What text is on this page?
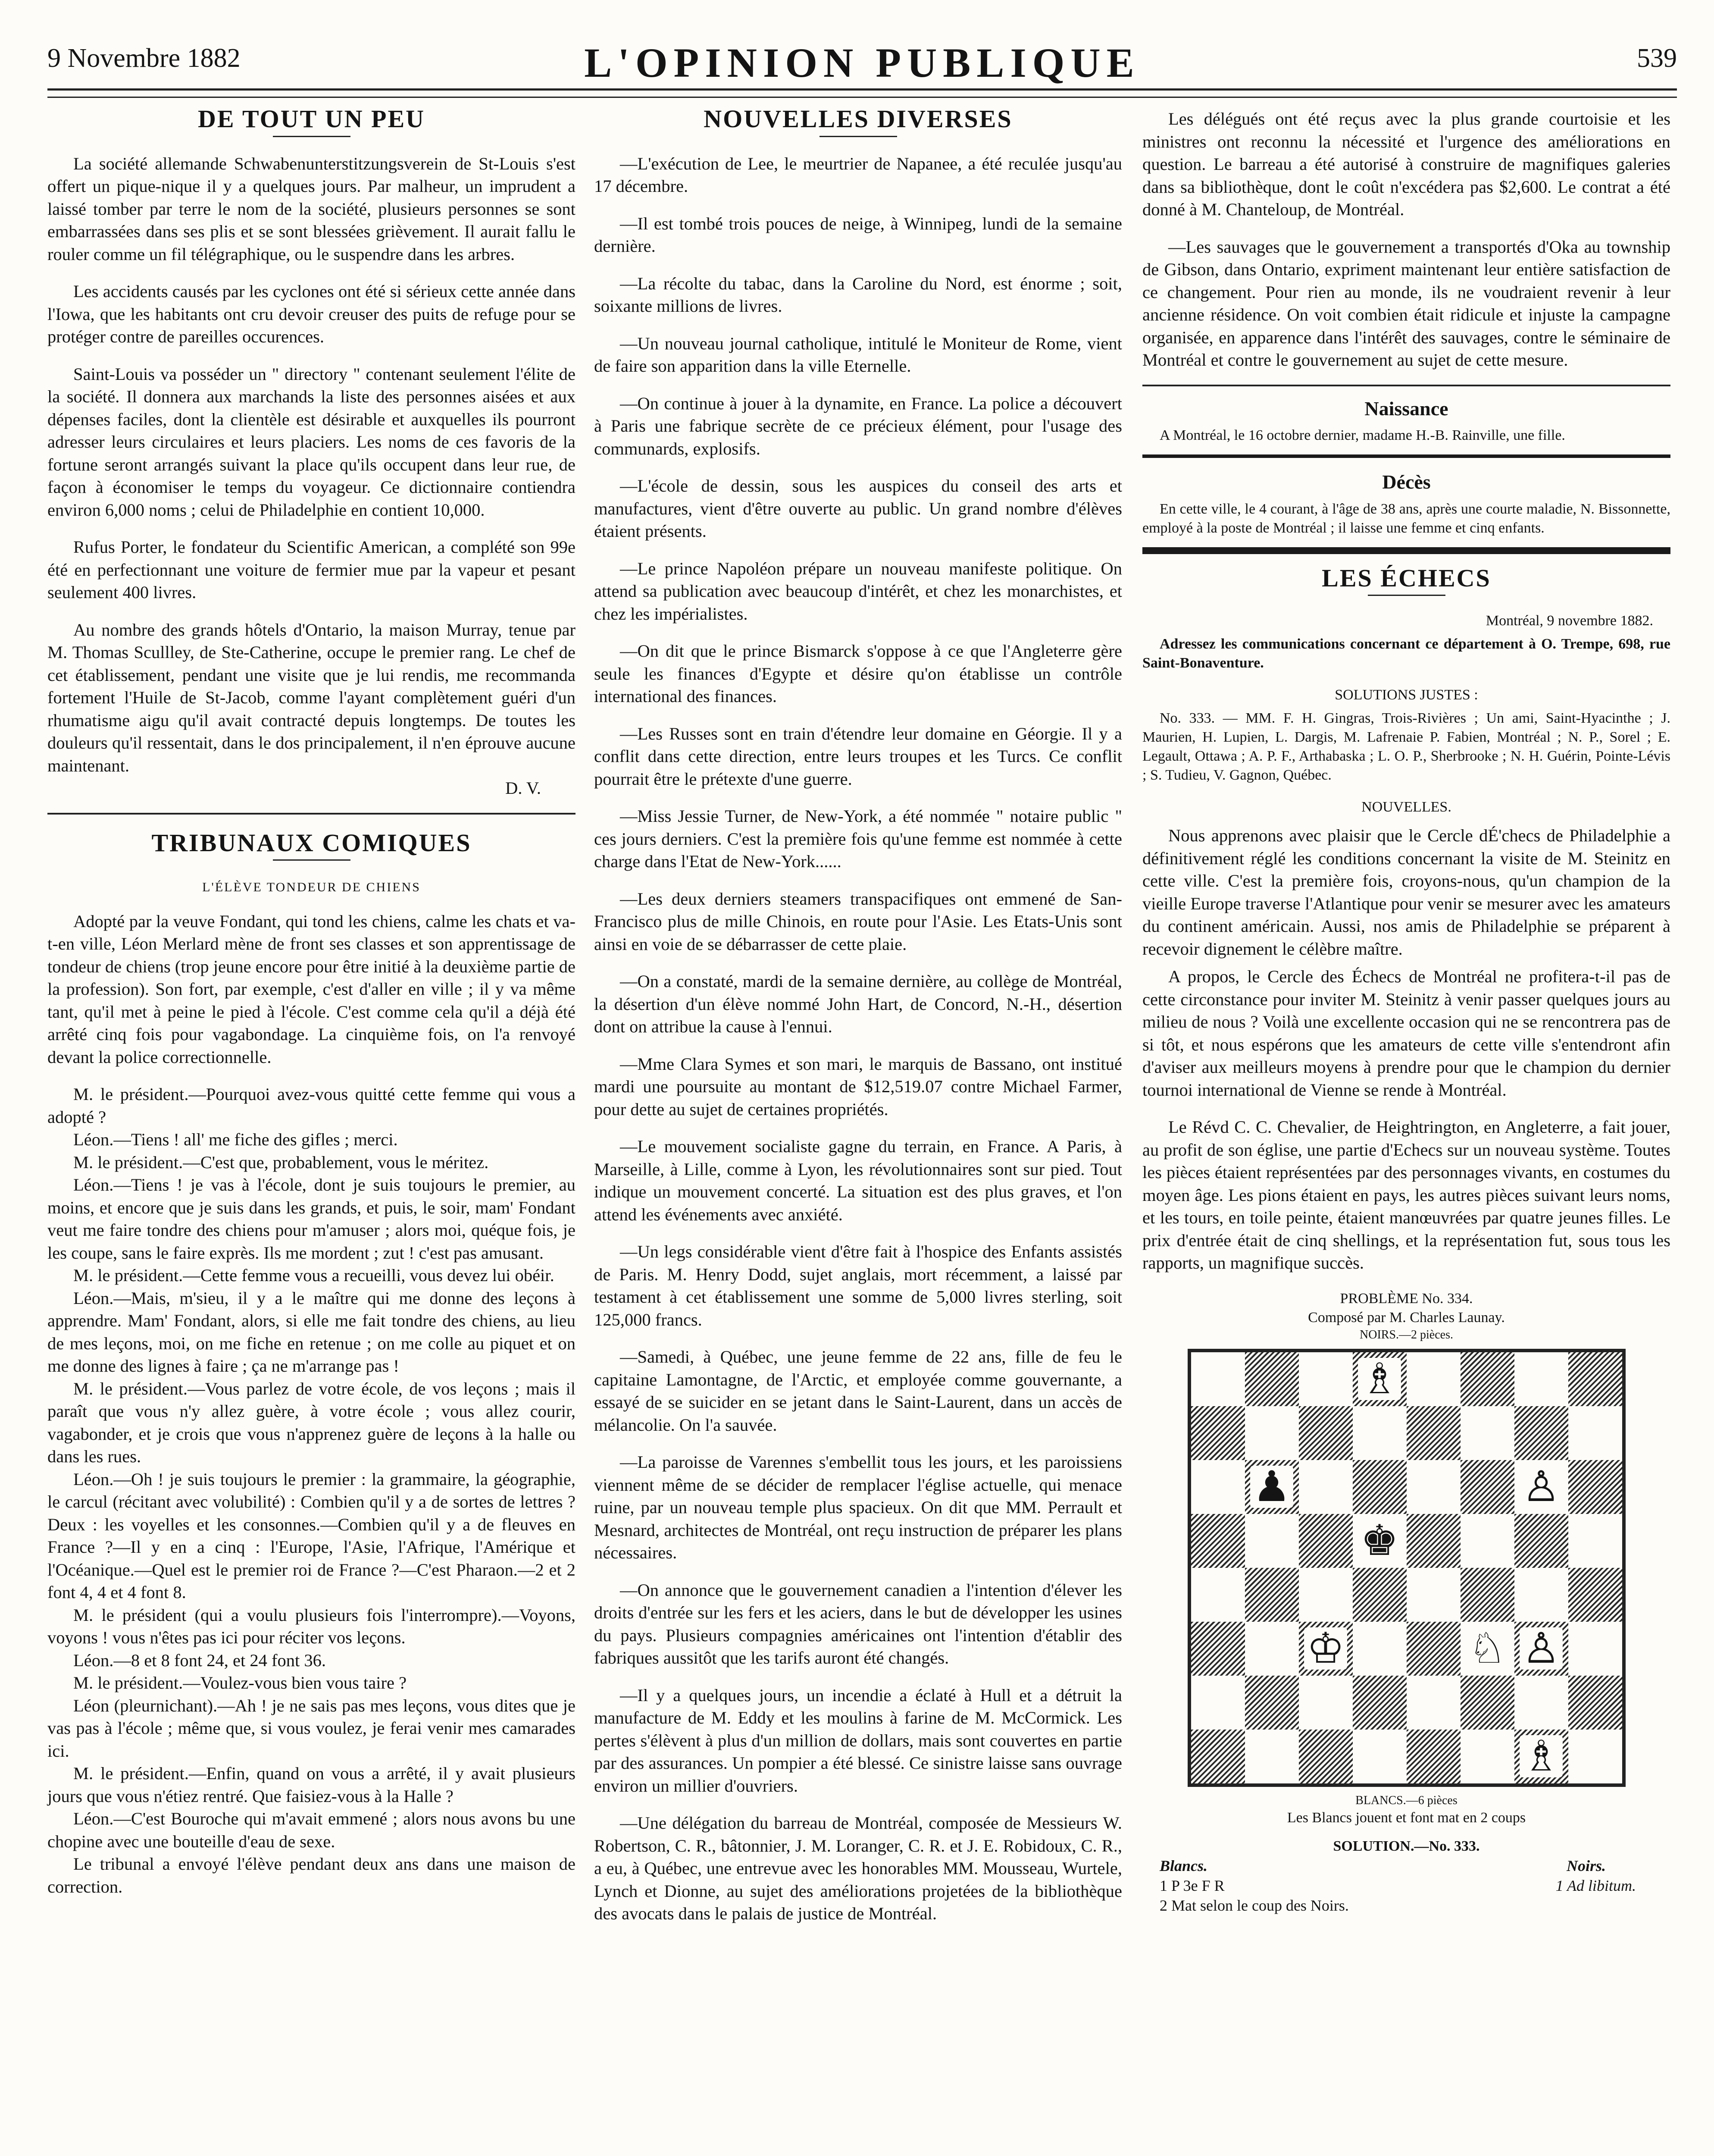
9 Novembre 1882	L'OPINION PUBLIQUE	539
DE TOUT UN PEU

La société allemande Schwabenunterstitzungsverein de St-Louis s'est offert un pique-nique il y a quelques jours. Par malheur, un imprudent a laissé tomber par terre le nom de la société, plusieurs personnes se sont embarrassées dans ses plis et se sont blessées grièvement. Il aurait fallu le rouler comme un fil télégraphique, ou le suspendre dans les arbres.

Les accidents causés par les cyclones ont été si sérieux cette année dans l'Iowa, que les habitants ont cru devoir creuser des puits de refuge pour se protéger contre de pareilles occurences.

Saint-Louis va posséder un " directory " contenant seulement l'élite de la société. Il donnera aux marchands la liste des personnes aisées et aux dépenses faciles, dont la clientèle est désirable et auxquelles ils pourront adresser leurs circulaires et leurs placiers. Les noms de ces favoris de la fortune seront arrangés suivant la place qu'ils occupent dans leur rue, de façon à économiser le temps du voyageur. Ce dictionnaire contiendra environ 6,000 noms ; celui de Philadelphie en contient 10,000.

Rufus Porter, le fondateur du Scientific American, a complété son 99e été en perfectionnant une voiture de fermier mue par la vapeur et pesant seulement 400 livres.

Au nombre des grands hôtels d'Ontario, la maison Murray, tenue par M. Thomas Scullley, de Ste-Catherine, occupe le premier rang. Le chef de cet établissement, pendant une visite que je lui rendis, me recommanda fortement l'Huile de St-Jacob, comme l'ayant complètement guéri d'un rhumatisme aigu qu'il avait contracté depuis longtemps. De toutes les douleurs qu'il ressentait, dans le dos principalement, il n'en éprouve aucune maintenant.

D. V.
TRIBUNAUX COMIQUES
L'ÉLÈVE TONDEUR DE CHIENS

Adopté par la veuve Fondant, qui tond les chiens, calme les chats et va-t-en ville, Léon Merlard mène de front ses classes et son apprentissage de tondeur de chiens (trop jeune encore pour être initié à la deuxième partie de la profession). Son fort, par exemple, c'est d'aller en ville ; il y va même tant, qu'il met à peine le pied à l'école. C'est comme cela qu'il a déjà été arrêté cinq fois pour vagabondage. La cinquième fois, on l'a renvoyé devant la police correctionnelle.

M. le président.—Pourquoi avez-vous quitté cette femme qui vous a adopté ?

Léon.—Tiens ! all' me fiche des gifles ; merci.

M. le président.—C'est que, probablement, vous le méritez.

Léon.—Tiens ! je vas à l'école, dont je suis toujours le premier, au moins, et encore que je suis dans les grands, et puis, le soir, mam' Fondant veut me faire tondre des chiens pour m'amuser ; alors moi, quéque fois, je les coupe, sans le faire exprès. Ils me mordent ; zut ! c'est pas amusant.

M. le président.—Cette femme vous a recueilli, vous devez lui obéir.

Léon.—Mais, m'sieu, il y a le maître qui me donne des leçons à apprendre. Mam' Fondant, alors, si elle me fait tondre des chiens, au lieu de mes leçons, moi, on me fiche en retenue ; on me colle au piquet et on me donne des lignes à faire ; ça ne m'arrange pas !

M. le président.—Vous parlez de votre école, de vos leçons ; mais il paraît que vous n'y allez guère, à votre école ; vous allez courir, vagabonder, et je crois que vous n'apprenez guère de leçons à la halle ou dans les rues.

Léon.—Oh ! je suis toujours le premier : la grammaire, la géographie, le carcul (récitant avec volubilité) : Combien qu'il y a de sortes de lettres ? Deux : les voyelles et les consonnes.—Combien qu'il y a de fleuves en France ?—Il y en a cinq : l'Europe, l'Asie, l'Afrique, l'Amérique et l'Océanique.—Quel est le premier roi de France ?—C'est Pharaon.—2 et 2 font 4, 4 et 4 font 8.

M. le président (qui a voulu plusieurs fois l'interrompre).—Voyons, voyons ! vous n'êtes pas ici pour réciter vos leçons.

Léon.—8 et 8 font 24, et 24 font 36.

M. le président.—Voulez-vous bien vous taire ?

Léon (pleurnichant).—Ah ! je ne sais pas mes leçons, vous dites que je vas pas à l'école ; même que, si vous voulez, je ferai venir mes camarades ici.

M. le président.—Enfin, quand on vous a arrêté, il y avait plusieurs jours que vous n'étiez rentré. Que faisiez-vous à la Halle ?

Léon.—C'est Bouroche qui m'avait emmené ; alors nous avons bu une chopine avec une bouteille d'eau de sexe.

Le tribunal a envoyé l'élève pendant deux ans dans une maison de correction.

NOUVELLES DIVERSES

—L'exécution de Lee, le meurtrier de Napanee, a été reculée jusqu'au 17 décembre.

—Il est tombé trois pouces de neige, à Winnipeg, lundi de la semaine dernière.

—La récolte du tabac, dans la Caroline du Nord, est énorme ; soit, soixante millions de livres.

—Un nouveau journal catholique, intitulé le Moniteur de Rome, vient de faire son apparition dans la ville Eternelle.

—On continue à jouer à la dynamite, en France. La police a découvert à Paris une fabrique secrète de ce précieux élément, pour l'usage des communards, explosifs.

—L'école de dessin, sous les auspices du conseil des arts et manufactures, vient d'être ouverte au public. Un grand nombre d'élèves étaient présents.

—Le prince Napoléon prépare un nouveau manifeste politique. On attend sa publication avec beaucoup d'intérêt, et chez les monarchistes, et chez les impérialistes.

—On dit que le prince Bismarck s'oppose à ce que l'Angleterre gère seule les finances d'Egypte et désire qu'on établisse un contrôle international des finances.

—Les Russes sont en train d'étendre leur domaine en Géorgie. Il y a conflit dans cette direction, entre leurs troupes et les Turcs. Ce conflit pourrait être le prétexte d'une guerre.

—Miss Jessie Turner, de New-York, a été nommée " notaire public " ces jours derniers. C'est la première fois qu'une femme est nommée à cette charge dans l'Etat de New-York......

—Les deux derniers steamers transpacifiques ont emmené de San-Francisco plus de mille Chinois, en route pour l'Asie. Les Etats-Unis sont ainsi en voie de se débarrasser de cette plaie.

—On a constaté, mardi de la semaine dernière, au collège de Montréal, la désertion d'un élève nommé John Hart, de Concord, N.-H., désertion dont on attribue la cause à l'ennui.

—Mme Clara Symes et son mari, le marquis de Bassano, ont institué mardi une poursuite au montant de $12,519.07 contre Michael Farmer, pour dette au sujet de certaines propriétés.

—Le mouvement socialiste gagne du terrain, en France. A Paris, à Marseille, à Lille, comme à Lyon, les révolutionnaires sont sur pied. Tout indique un mouvement concerté. La situation est des plus graves, et l'on attend les événements avec anxiété.

—Un legs considérable vient d'être fait à l'hospice des Enfants assistés de Paris. M. Henry Dodd, sujet anglais, mort récemment, a laissé par testament à cet établissement une somme de 5,000 livres sterling, soit 125,000 francs.

—Samedi, à Québec, une jeune femme de 22 ans, fille de feu le capitaine Lamontagne, de l'Arctic, et employée comme gouvernante, a essayé de se suicider en se jetant dans le Saint-Laurent, dans un accès de mélancolie. On l'a sauvée.

—La paroisse de Varennes s'embellit tous les jours, et les paroissiens viennent même de se décider de remplacer l'église actuelle, qui menace ruine, par un nouveau temple plus spacieux. On dit que MM. Perrault et Mesnard, architectes de Montréal, ont reçu instruction de préparer les plans nécessaires.

—On annonce que le gouvernement canadien a l'intention d'élever les droits d'entrée sur les fers et les aciers, dans le but de développer les usines du pays. Plusieurs compagnies américaines ont l'intention d'établir des fabriques aussitôt que les tarifs auront été changés.

—Il y a quelques jours, un incendie a éclaté à Hull et a détruit la manufacture de M. Eddy et les moulins à farine de M. McCormick. Les pertes s'élèvent à plus d'un million de dollars, mais sont couvertes en partie par des assurances. Un pompier a été blessé. Ce sinistre laisse sans ouvrage environ un millier d'ouvriers.

—Une délégation du barreau de Montréal, composée de Messieurs W. Robertson, C. R., bâtonnier, J. M. Loranger, C. R. et J. E. Robidoux, C. R., a eu, à Québec, une entrevue avec les honorables MM. Mousseau, Wurtele, Lynch et Dionne, au sujet des améliorations projetées de la bibliothèque des avocats dans le palais de justice de Montréal.

Les délégués ont été reçus avec la plus grande courtoisie et les ministres ont reconnu la nécessité et l'urgence des améliorations en question. Le barreau a été autorisé à construire de magnifiques galeries dans sa bibliothèque, dont le coût n'excédera pas $2,600. Le contrat a été donné à M. Chanteloup, de Montréal.

—Les sauvages que le gouvernement a transportés d'Oka au township de Gibson, dans Ontario, expriment maintenant leur entière satisfaction de ce changement. Pour rien au monde, ils ne voudraient revenir à leur ancienne résidence. On voit combien était ridicule et injuste la campagne organisée, en apparence dans l'intérêt des sauvages, contre le séminaire de Montréal et contre le gouvernement au sujet de cette mesure.

Naissance
A Montréal, le 16 octobre dernier, madame H.-B. Rainville, une fille.
Décès
En cette ville, le 4 courant, à l'âge de 38 ans, après une courte maladie, N. Bissonnette, employé à la poste de Montréal ; il laisse une femme et cinq enfants.
LES ÉCHECS
Montréal, 9 novembre 1882.
Adressez les communications concernant ce département à O. Trempe, 698, rue Saint-Bonaventure.
SOLUTIONS JUSTES :
No. 333. — MM. F. H. Gingras, Trois-Rivières ; Un ami, Saint-Hyacinthe ; J. Maurien, H. Lupien, L. Dargis, M. Lafrenaie P. Fabien, Montréal ; N. P., Sorel ; E. Legault, Ottawa ; A. P. F., Arthabaska ; L. O. P., Sherbrooke ; N. H. Guérin, Pointe-Lévis ; S. Tudieu, V. Gagnon, Québec.
NOUVELLES.

Nous apprenons avec plaisir que le Cercle dÉ'checs de Philadelphie a définitivement réglé les conditions concernant la visite de M. Steinitz en cette ville. C'est la première fois, croyons-nous, qu'un champion de la vieille Europe traverse l'Atlantique pour venir se mesurer avec les amateurs du continent américain. Aussi, nos amis de Philadelphie se préparent à recevoir dignement le célèbre maître.

A propos, le Cercle des Échecs de Montréal ne profitera-t-il pas de cette circonstance pour inviter M. Steinitz à venir passer quelques jours au milieu de nous ? Voilà une excellente occasion qui ne se rencontrera pas de si tôt, et nous espérons que les amateurs de cette ville s'entendront afin d'aviser aux meilleurs moyens à prendre pour que le champion du dernier tournoi international de Vienne se rende à Montréal.

Le Révd C. C. Chevalier, de Heightrington, en Angleterre, a fait jouer, au profit de son église, une partie d'Echecs sur un nouveau système. Toutes les pièces étaient représentées par des personnages vivants, en costumes du moyen âge. Les pions étaient en pays, les autres pièces suivant leurs noms, et les tours, en toile peinte, étaient manœuvrées par quatre jeunes filles. Le prix d'entrée était de cinq shellings, et la représentation fut, sous tous les rapports, un magnifique succès.

PROBLÈME No. 334.
Composé par M. Charles Launay.
NOIRS.—2 pièces.
♗
♟	♙
♚
♔	♘ ♙
♗
BLANCS.—6 pièces
Les Blancs jouent et font mat en 2 coups
SOLUTION.—No. 333.
Blancs.	Noirs.
1 P 3e F R	1 Ad libitum.
2 Mat selon le coup des Noirs.
